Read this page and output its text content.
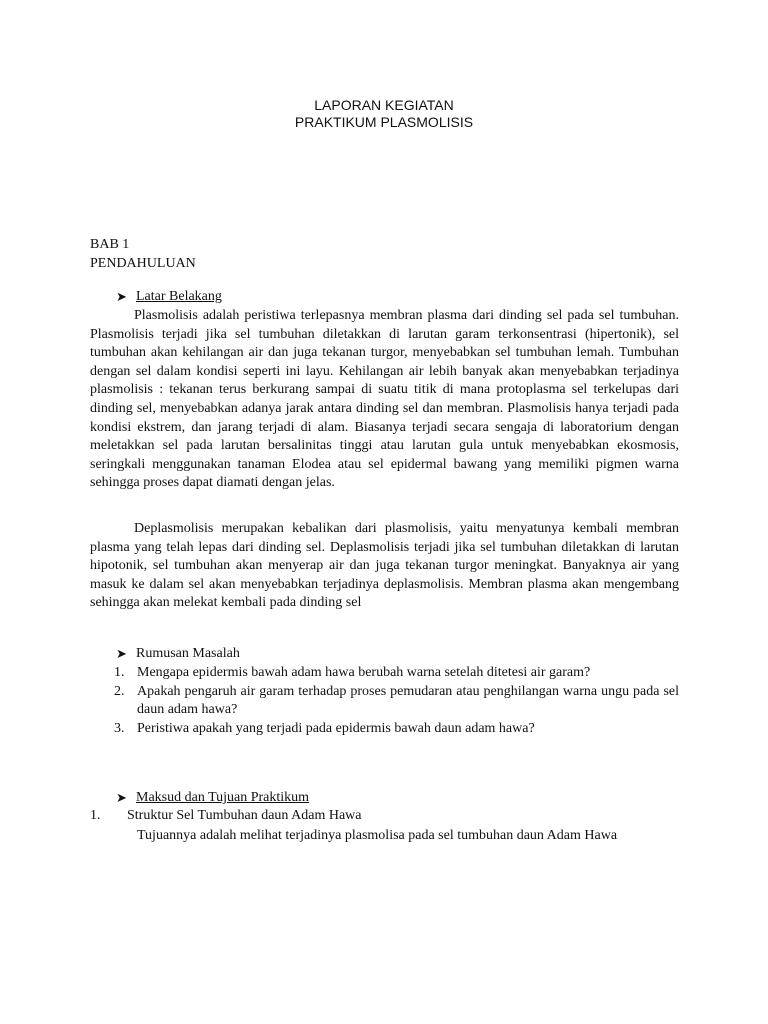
LAPORAN KEGIATAN
PRAKTIKUM PLASMOLISIS
BAB 1
PENDAHULUAN
➤ Latar Belakang

Plasmolisis adalah peristiwa terlepasnya membran plasma dari dinding sel pada sel tumbuhan. Plasmolisis terjadi jika sel tumbuhan diletakkan di larutan garam terkonsentrasi (hipertonik), sel tumbuhan akan kehilangan air dan juga tekanan turgor, menyebabkan sel tumbuhan lemah. Tumbuhan dengan sel dalam kondisi seperti ini layu. Kehilangan air lebih banyak akan menyebabkan terjadinya plasmolisis : tekanan terus berkurang sampai di suatu titik di mana protoplasma sel terkelupas dari dinding sel, menyebabkan adanya jarak antara dinding sel dan membran. Plasmolisis hanya terjadi pada kondisi ekstrem, dan jarang terjadi di alam. Biasanya terjadi secara sengaja di laboratorium dengan meletakkan sel pada larutan bersalinitas tinggi atau larutan gula untuk menyebabkan ekosmosis, seringkali menggunakan tanaman Elodea atau sel epidermal bawang yang memiliki pigmen warna sehingga proses dapat diamati dengan jelas.

Deplasmolisis merupakan kebalikan dari plasmolisis, yaitu menyatunya kembali membran plasma yang telah lepas dari dinding sel. Deplasmolisis terjadi jika sel tumbuhan diletakkan di larutan hipotonik, sel tumbuhan akan menyerap air dan juga tekanan turgor meningkat. Banyaknya air yang masuk ke dalam sel akan menyebabkan terjadinya deplasmolisis. Membran plasma akan mengembang sehingga akan melekat kembali pada dinding sel

➤ Rumusan Masalah
1. Mengapa epidermis bawah adam hawa berubah warna setelah ditetesi air garam?
2. Apakah pengaruh air garam terhadap proses pemudaran atau penghilangan warna ungu pada sel daun adam hawa?
3. Peristiwa apakah yang terjadi pada epidermis bawah daun adam hawa?
➤ Maksud dan Tujuan Praktikum
1.	Struktur Sel Tumbuhan daun Adam Hawa
Tujuannya adalah melihat terjadinya plasmolisa pada sel tumbuhan daun Adam Hawa
